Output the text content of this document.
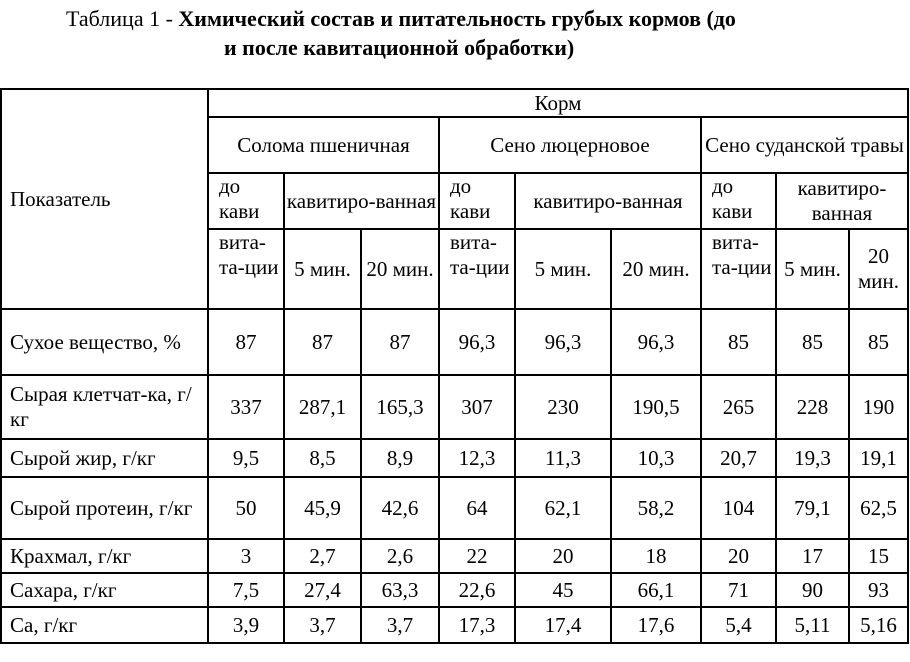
Таблица 1 - Химический состав и питательность грубых кормов (до
и после кавитационной обработки)
Показатель	Корм								
	Солома пшеничная			Сено люцерновое			Сено суданской травы		
	до кави	кавитиро-ванная		до кави	кавитиро-ванная		до кави	кавитиро-ванная	
	вита-та-ции	5 мин.	20 мин.	вита-та-ции	5 мин.	20 мин.	вита-та-ции	5 мин.	20 мин.
Сухое вещество, %	87	87	87	96,3	96,3	96,3	85	85	85
Сырая клетчат-ка, г/кг	337	287,1	165,3	307	230	190,5	265	228	190
Сырой жир, г/кг	9,5	8,5	8,9	12,3	11,3	10,3	20,7	19,3	19,1
Сырой протеин, г/кг	50	45,9	42,6	64	62,1	58,2	104	79,1	62,5
Крахмал, г/кг	3	2,7	2,6	22	20	18	20	17	15
Сахара, г/кг	7,5	27,4	63,3	22,6	45	66,1	71	90	93
Ca, г/кг	3,9	3,7	3,7	17,3	17,4	17,6	5,4	5,11	5,16
